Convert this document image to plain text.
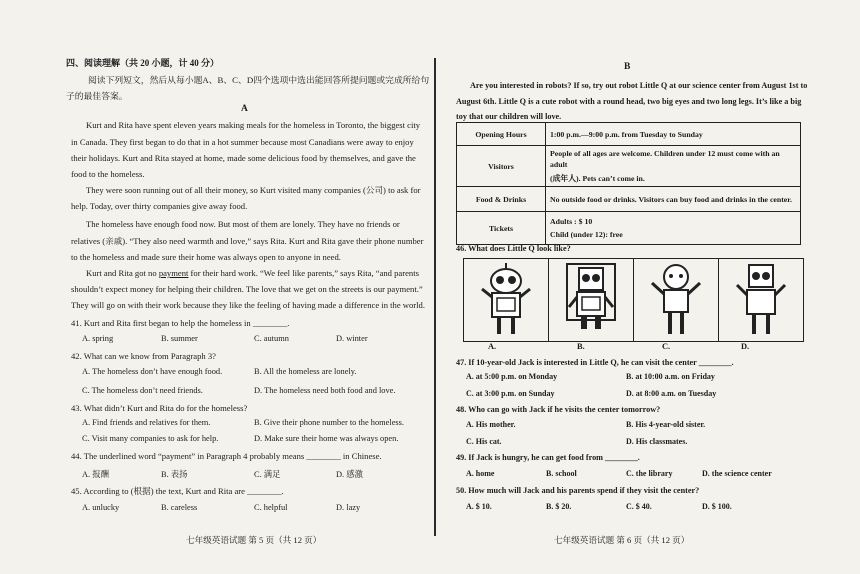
四、阅读理解（共 20 小题，计 40 分）
阅读下列短文，然后从每小题A、B、C、D四个选项中选出能回答所提问题或完成所给句
子的最佳答案。
A
Kurt and Rita have spent eleven years making meals for the homeless in Toronto, the biggest city
in Canada. They first began to do that in a hot summer because most Canadians were away to enjoy
their holidays. Kurt and Rita stayed at home, made some delicious food by themselves, and gave the
food to the homeless.
They were soon running out of all their money, so Kurt visited many companies (公司) to ask for
help. Today, over thirty companies give away food.
The homeless have enough food now. But most of them are lonely. They have no friends or
relatives (亲戚). “They also need warmth and love,” says Rita. Kurt and Rita gave their phone number
to the homeless and made sure their home was always open to anyone in need.
Kurt and Rita got no payment for their hard work. “We feel like parents,” says Rita, “and parents
shouldn’t expect money for helping their children. The love that we get on the streets is our payment.”
They will go on with their work because they like the feeling of having made a difference in the world.
41. Kurt and Rita first began to help the homeless in ________.
A. spring	B. summer	C. autumn	D. winter
42. What can we know from Paragraph 3?
A. The homeless don’t have enough food.	B. All the homeless are lonely.
C. The homeless don’t need friends.	D. The homeless need both food and love.
43. What didn’t Kurt and Rita do for the homeless?
A. Find friends and relatives for them.	B. Give their phone number to the homeless.
C. Visit many companies to ask for help.	D. Make sure their home was always open.
44. The underlined word “payment” in Paragraph 4 probably means ________ in Chinese.
A. 报酬	B. 表扬	C. 满足	D. 感激
45. According to (根据) the text, Kurt and Rita are ________.
A. unlucky	B. careless	C. helpful	D. lazy
七年级英语试题 第 5 页（共 12 页）
B
Are you interested in robots? If so, try out robot Little Q at our science center from August 1st to
August 6th. Little Q is a cute robot with a round head, two big eyes and two long legs. It’s like a big
toy that our children will love.
Opening Hours	1:00 p.m.—9:00 p.m. from Tuesday to Sunday
Visitors	People of all ages are welcome. Children under 12 must come with an adult
(成年人). Pets can’t come in.

Food & Drinks	No outside food or drinks. Visitors can buy food and drinks in the center.
Tickets	Adults : $ 10
Child (under 12): free
46. What does Little Q look like?
A.	B.	C.	D.
47. If 10-year-old Jack is interested in Little Q, he can visit the center ________.
A. at 5:00 p.m. on Monday	B. at 10:00 a.m. on Friday
C. at 3:00 p.m. on Sunday	D. at 8:00 a.m. on Tuesday
48. Who can go with Jack if he visits the center tomorrow?
A. His mother.	B. His 4-year-old sister.
C. His cat.	D. His classmates.
49. If Jack is hungry, he can get food from ________.
A. home	B. school	C. the library	D. the science center
50. How much will Jack and his parents spend if they visit the center?
A. $ 10.	B. $ 20.	C. $ 40.	D. $ 100.
七年级英语试题 第 6 页（共 12 页）
